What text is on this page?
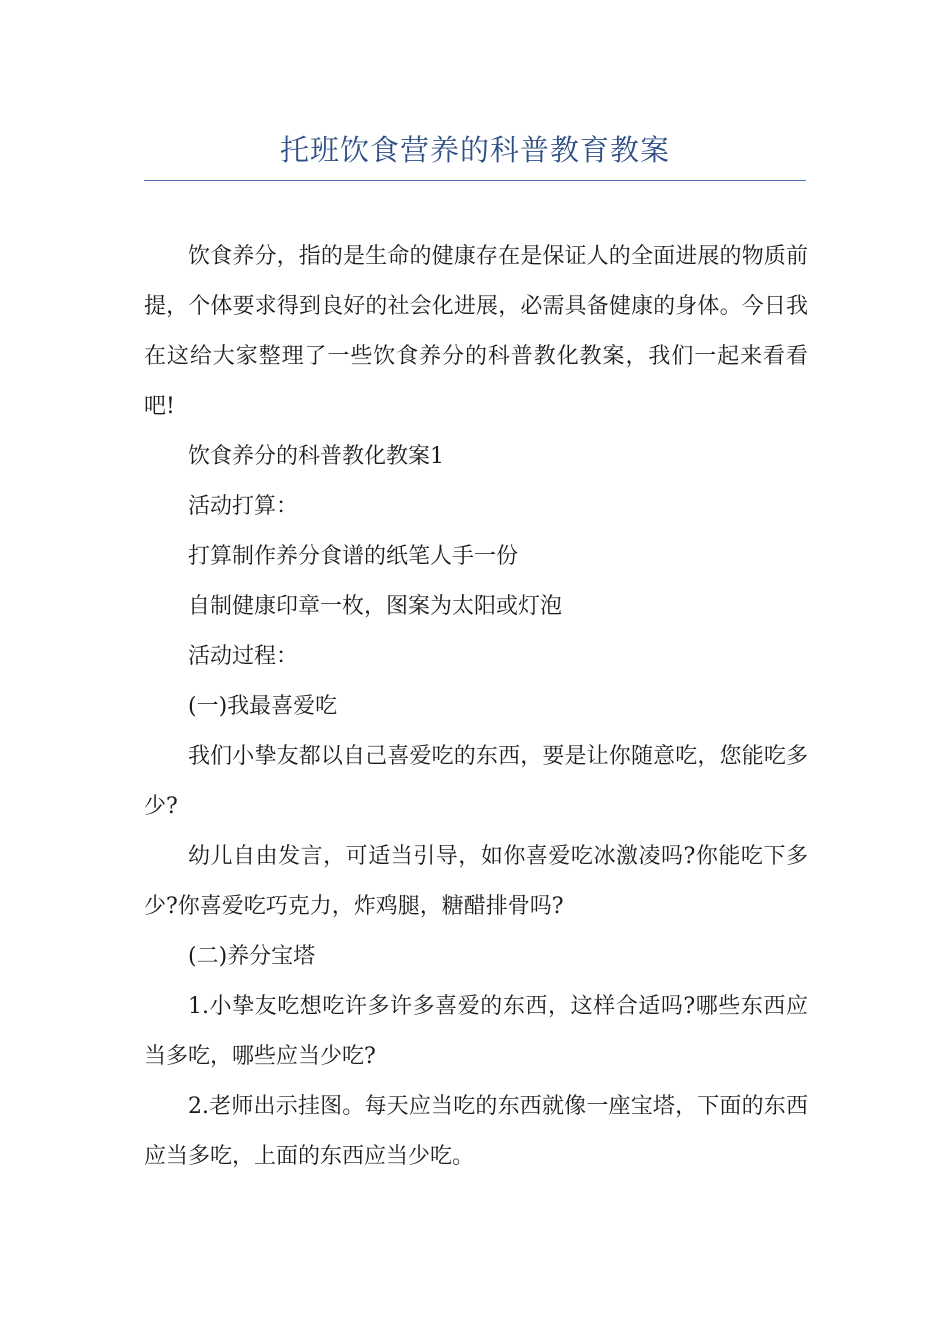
托班饮食营养的科普教育教案

饮食养分，指的是生命的健康存在是保证人的全面进展的物质前提，个体要求得到良好的社会化进展，必需具备健康的身体。今日我在这给大家整理了一些饮食养分的科普教化教案，我们一起来看看吧!

饮食养分的科普教化教案1

活动打算：

打算制作养分食谱的纸笔人手一份

自制健康印章一枚，图案为太阳或灯泡

活动过程：

(一)我最喜爱吃

我们小挚友都以自己喜爱吃的东西，要是让你随意吃，您能吃多少?

幼儿自由发言，可适当引导，如你喜爱吃冰激凌吗?你能吃下多少?你喜爱吃巧克力，炸鸡腿，糖醋排骨吗?

(二)养分宝塔

1.小挚友吃想吃许多许多喜爱的东西，这样合适吗?哪些东西应当多吃，哪些应当少吃?

2.老师出示挂图。每天应当吃的东西就像一座宝塔，下面的东西应当多吃，上面的东西应当少吃。
